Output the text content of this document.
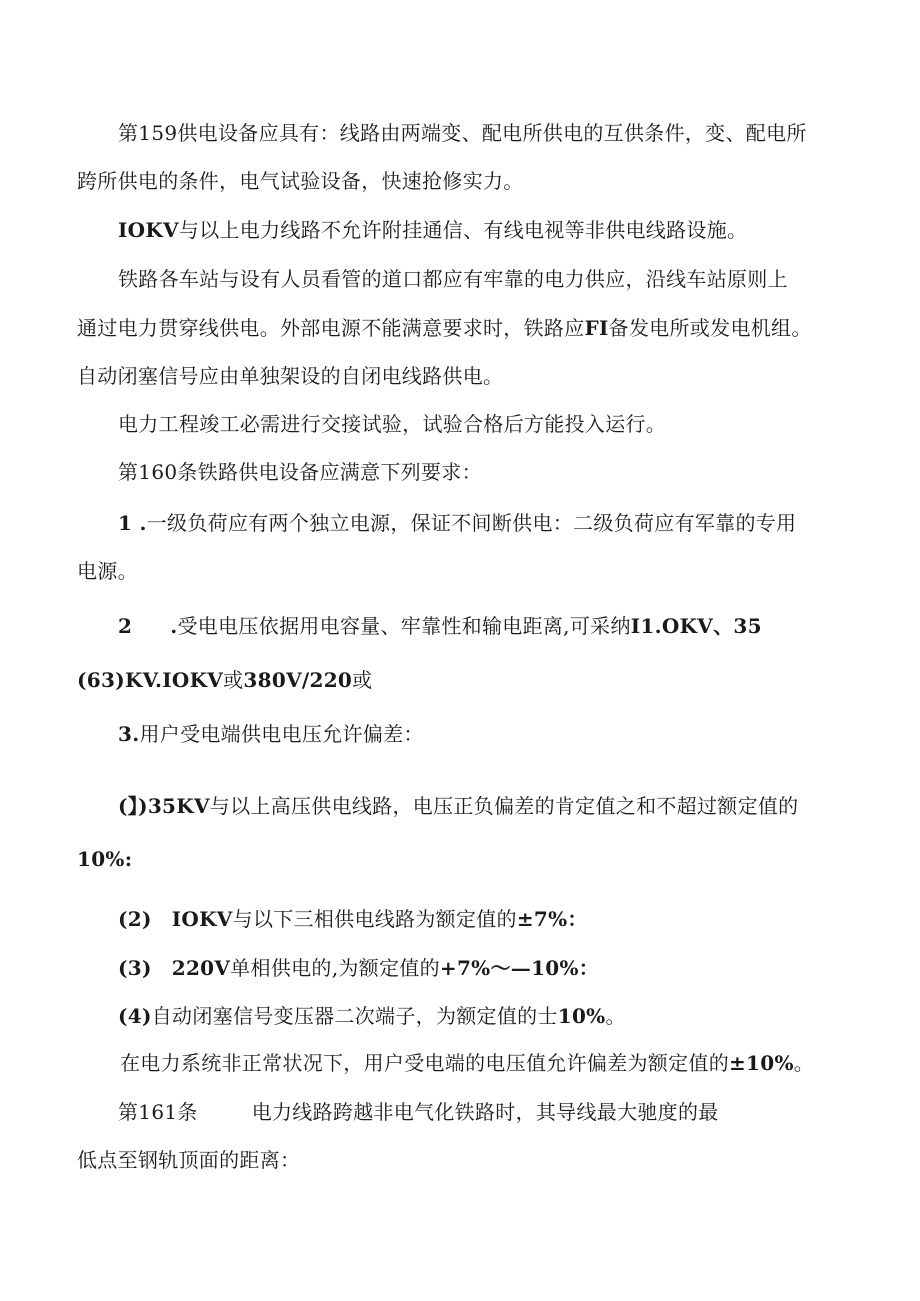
第159供电设备应具有：线路由两端变、配电所供电的互供条件，变、配电所
跨所供电的条件，电气试验设备，快速抢修实力。
IOKV与以上电力线路不允许附挂通信、有线电视等非供电线路设施。
铁路各车站与设有人员看管的道口都应有牢靠的电力供应，沿线车站原则上
通过电力贯穿线供电。外部电源不能满意要求时，铁路应FI备发电所或发电机组。
自动闭塞信号应由单独架设的自闭电线路供电。
电力工程竣工必需进行交接试验，试验合格后方能投入运行。
第160条铁路供电设备应满意下列要求：
1 .一级负荷应有两个独立电源，保证不间断供电：二级负荷应有军靠的专用
电源。
2 .受电电压依据用电容量、牢靠性和输电距离,可采纳I1.OKV、35
(63)KV.IOKV或380V/220或
3.用户受电端供电电压允许偏差：
(】)35KV与以上高压供电线路，电压正负偏差的肯定值之和不超过额定值的
10%:
(2) IOKV与以下三相供电线路为额定值的±7%：
(3) 220V单相供电的,为额定值的+7%～—10%：
(4)自动闭塞信号变压器二次端子，为额定值的士10%。
在电力系统非正常状况下，用户受电端的电压值允许偏差为额定值的±10%。
第161条	电力线路跨越非电气化铁路时，其导线最大驰度的最
低点至钢轨顶面的距离：
